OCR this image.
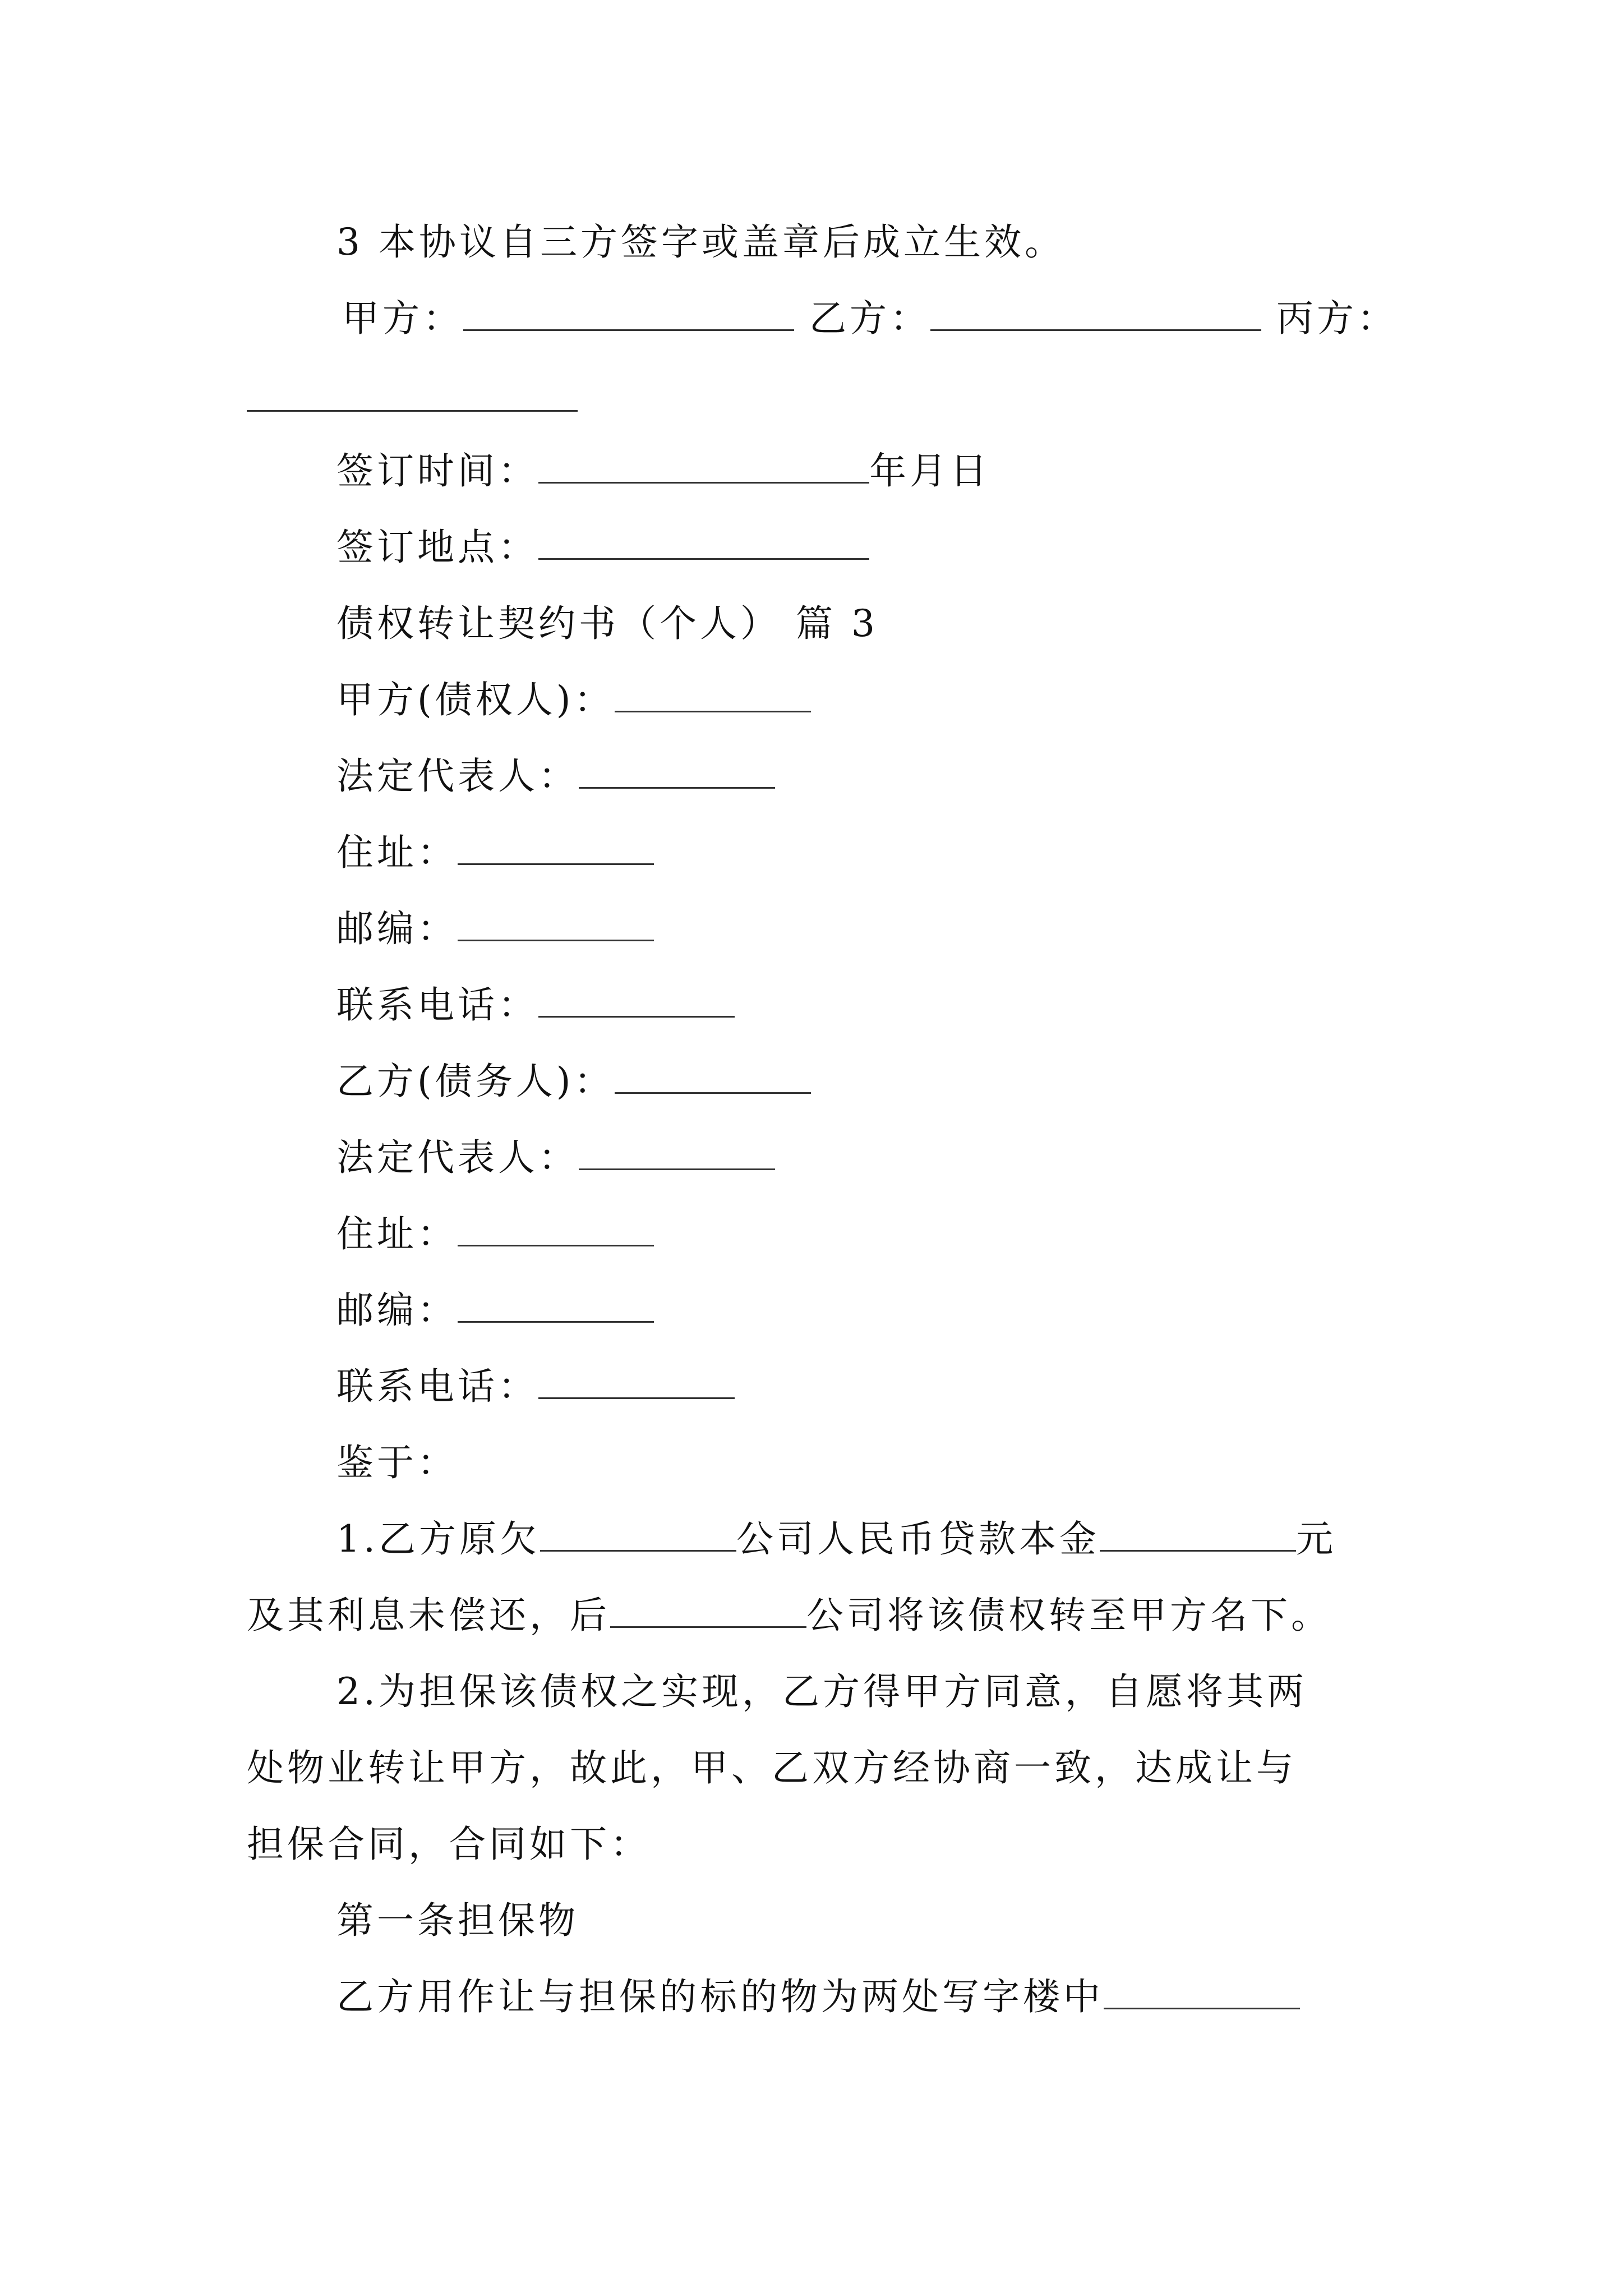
3 本协议自三方签字或盖章后成立生效。
甲方：	乙方：	丙方：
签订时间：	年月日
签订地点：
债权转让契约书（个人） 篇 3
甲方(债权人)：
法定代表人：
住址：
邮编：
联系电话：
乙方(债务人)：
法定代表人：
住址：
邮编：
联系电话：
鉴于：
1.乙方原欠	公司人民币贷款本金	元
及其利息未偿还，后	公司将该债权转至甲方名下。
2.为担保该债权之实现，乙方得甲方同意，自愿将其两
处物业转让甲方，故此，甲、乙双方经协商一致，达成让与
担保合同，合同如下：
第一条担保物
乙方用作让与担保的标的物为两处写字楼中
